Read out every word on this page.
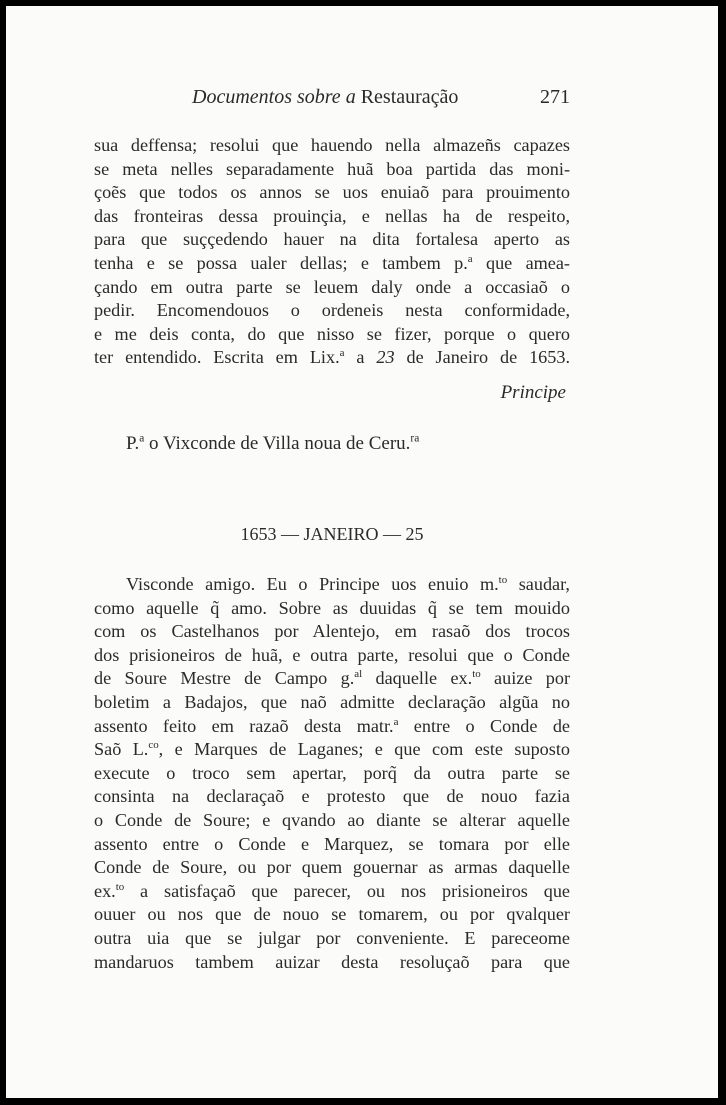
Documentos sobre a Restauração	271
sua deffensa; resolui que hauendo nella almazeñs capazes
se meta nelles separadamente huã boa partida das moni-
çoẽs que todos os annos se uos enuiaõ para prouimento
das fronteiras dessa prouinçia, e nellas ha de respeito,
para que suççedendo hauer na dita fortalesa aperto as
tenha e se possa ualer dellas; e tambem p.$^a$ que amea-
çando em outra parte se leuem daly onde a occasiaõ o
pedir. Encomendouos o ordeneis nesta conformidade,
e me deis conta, do que nisso se fizer, porque o quero
ter entendido. Escrita em Lix.$^a$ a 23 de Janeiro de 1653.
Principe
P.$^a$ o Vixconde de Villa noua de Ceru.$^{ra}$
1653 — JANEIRO — 25
Visconde amigo. Eu o Principe uos enuio m.$^{to}$ saudar,
como aquelle q̃ amo. Sobre as duuidas q̃ se tem mouido
com os Castelhanos por Alentejo, em rasaõ dos trocos
dos prisioneiros de huã, e outra parte, resolui que o Conde
de Soure Mestre de Campo g.$^{al}$ daquelle ex.$^{to}$ auize por
boletim a Badajos, que naõ admitte declaração algũa no
assento feito em razaõ desta matr.$^a$ entre o Conde de
Saõ L.$^{co}$, e Marques de Laganes; e que com este suposto
execute o troco sem apertar, porq̃ da outra parte se
consinta na declaraçaõ e protesto que de nouo fazia
o Conde de Soure; e qvando ao diante se alterar aquelle
assento entre o Conde e Marquez, se tomara por elle
Conde de Soure, ou por quem gouernar as armas daquelle
ex.$^{to}$ a satisfaçaõ que parecer, ou nos prisioneiros que
ouuer ou nos que de nouo se tomarem, ou por qvalquer
outra uia que se julgar por conveniente. E pareceome
mandaruos tambem auizar desta resoluçaõ para que
